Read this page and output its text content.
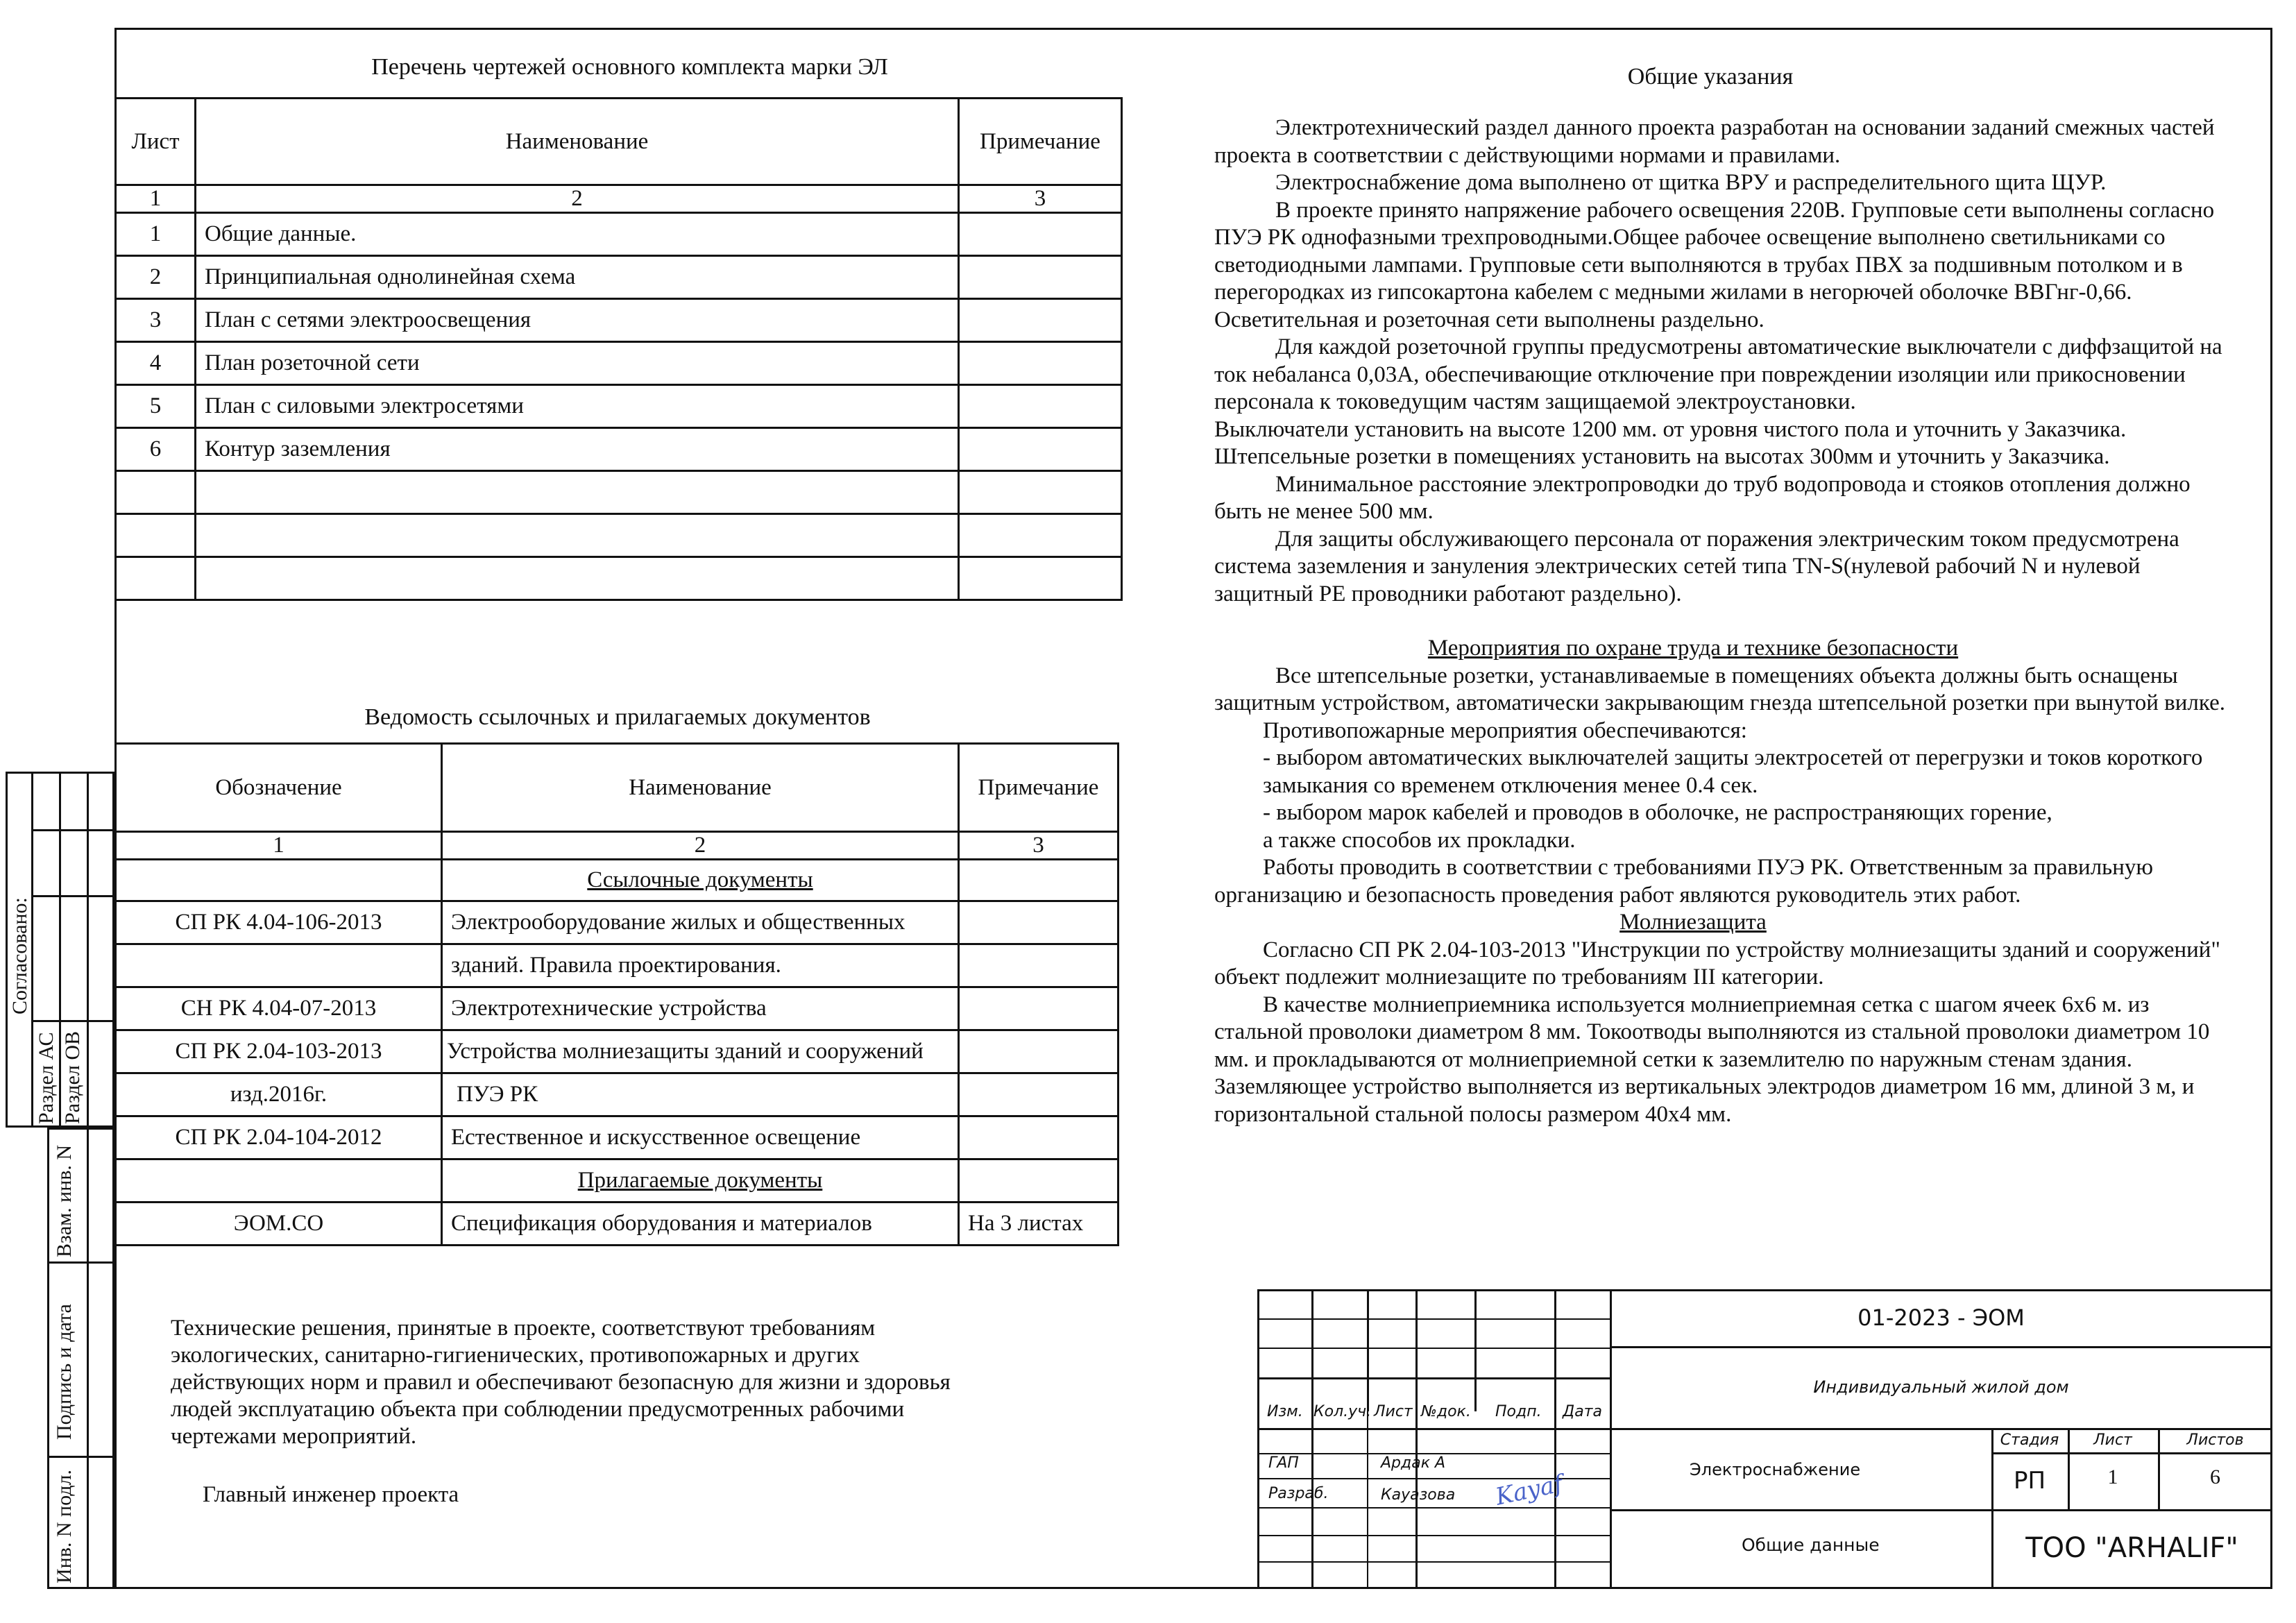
Согласовано:
Раздел АС Раздел ОВ
Взам. инв. N
Подпись и дата
Инв. N подл.
Перечень чертежей основного комплекта марки ЭЛ
Лист	Наименование	Примечание
1	2	3
1	Общие данные.	
2	Принципиальная однолинейная схема	
3	План с сетями электроосвещения	
4	План розеточной сети	
5	План с силовыми электросетями	
6	Контур заземления	

Ведомость ссылочных и прилагаемых документов
Обозначение	Наименование	Примечание
1	2	3
	Ссылочные документы	
СП РК 4.04-106-2013	Электрооборудование жилых и общественных	
	зданий. Правила проектирования.	
СН РК 4.04-07-2013	Электротехнические устройства	
СП РК 2.04-103-2013	Устройства молниезащиты зданий и сооружений	
изд.2016г.	ПУЭ РК	
СП РК 2.04-104-2012	Естественное и искусственное освещение	
	Прилагаемые документы	
ЭОМ.СО	Спецификация оборудования и материалов	На 3 листах
Технические решения, принятые в проекте, соответствуют требованиям экологических, санитарно-гигиенических, противопожарных и других действующих норм и правил и обеспечивают безопасную для жизни и здоровья людей эксплуатацию объекта при соблюдении предусмотренных рабочими чертежами мероприятий.
Главный инженер проекта
Общие указания

Электротехнический раздел данного проекта разработан на основании заданий смежных частей проекта в соответствии с действующими нормами и правилами.

Электроснабжение дома выполнено от щитка ВРУ и распределительного щита ЩУР.

В проекте принято напряжение рабочего освещения 220В. Групповые сети выполнены согласно ПУЭ РК однофазными трехпроводными.Общее рабочее освещение выполнено светильниками со светодиодными лампами. Групповые сети выполняются в трубах ПВХ за подшивным потолком и в перегородках из гипсокартона кабелем с медными жилами в негорючей оболочке ВВГнг-0,66. Осветительная и розеточная сети выполнены раздельно.

Для каждой розеточной группы предусмотрены автоматические выключатели с диффзащитой на ток небаланса 0,03А, обеспечивающие отключение при повреждении изоляции или прикосновении персонала к токоведущим частям защищаемой электроустановки.

Выключатели установить на высоте 1200 мм. от уровня чистого пола и уточнить у Заказчика.

Штепсельные розетки в помещениях установить на высотах 300мм и уточнить у Заказчика.

Минимальное расстояние электропроводки до труб водопровода и стояков отопления должно быть не менее 500 мм.

Для защиты обслуживающего персонала от поражения электрическим током предусмотрена система заземления и зануления электрических сетей типа TN-S(нулевой рабочий N и нулевой защитный PE проводники работают раздельно).

Мероприятия по охране труда и технике безопасности

Все штепсельные розетки, устанавливаемые в помещениях объекта должны быть оснащены защитным устройством, автоматически закрывающим гнезда штепсельной розетки при вынутой вилке.

Противопожарные мероприятия обеспечиваются:

- выбором автоматических выключателей защиты электросетей от перегрузки и токов короткого замыкания со временем отключения менее 0.4 сек.

- выбором марок кабелей и проводов в оболочке, не распространяющих горение,

а также способов их прокладки.

Работы проводить в соответствии с требованиями ПУЭ РК. Ответственным за правильную организацию и безопасность проведения работ являются руководитель этих работ.

Молниезащита

Согласно СП РК 2.04-103-2013 "Инструкции по устройству молниезащиты зданий и сооружений" объект подлежит молниезащите по требованиям III категории.

В качестве молниеприемника используется молниеприемная сетка с шагом ячеек 6х6 м. из стальной проволоки диаметром 8 мм. Токоотводы выполняются из стальной проволоки диаметром 10 мм. и прокладываются от молниеприемной сетки к заземлителю по наружным стенам здания.

Заземляющее устройство выполняется из вертикальных электродов диаметром 16 мм, длиной 3 м, и горизонтальной стальной полосы размером 40х4 мм.

Изм. Кол.уч. Лист №док. Подп. Дата
ГАП	Ардак А
Разраб.	Кауазова Kayaf
01-2023 - ЭОМ
Индивидуальный жилой дом
Электроснабжение
Общие данные
Стадия	Лист	Листов
РП	1	6
ТОО "ARHALIF"
